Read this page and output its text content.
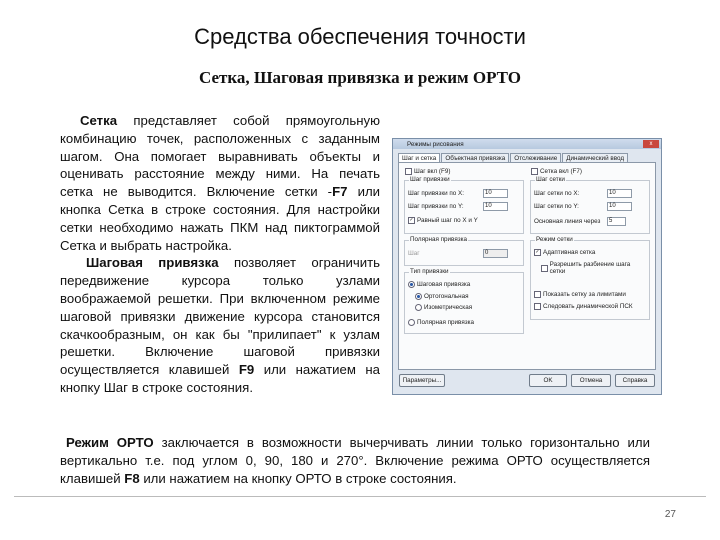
Средства обеспечения точности
Сетка, Шаговая привязка и режим ОРТО

Сетка представляет собой прямоугольную комбинацию точек, расположенных с заданным шагом. Она помогает выравнивать объекты и оценивать расстояние между ними. На печать сетка не выводится. Включение сетки -F7 или кнопка Сетка в строке состояния. Для настройки сетки необходимо нажать ПКМ над пиктограммой Сетка и выбрать настройка.

Шаговая привязка позволяет ограничить передвижение курсора только узлами воображаемой решетки. При включенном режиме шаговой привязки движение курсора становится скачкообразным, он как бы "прилипает" к узлам решетки. Включение шаговой привязки осуществляется клавишей F9 или нажатием на кнопку Шаг в строке состояния.

Режим ОРТО заключается в возможности вычерчивать линии только горизонтально или вертикально т.е. под углом 0, 90, 180 и 270°. Включение режима ОРТО осуществляется клавишей F8 или нажатием на кнопку ОРТО в строке состояния.
Режимы рисования	x
Шаг и сетка	Объектная привязка	Отслеживание	Динамический ввод
Шаг вкл (F9)	Сетка вкл (F7)
Шаг привязки
Шаг привязки по X:	10
Шаг привязки по Y:	10
✓ Равный шаг по X и Y
Шаг сетки
Шаг сетки по X:	10
Шаг сетки по Y:	10
Основная линия через	5
Полярная привязка
Шаг	0
Режим сетки
✓ Адаптивная сетка
Разрешить разбиение шага сетки
Показать сетку за лимитами
Следовать динамической ПСК
Тип привязки
Шаговая привязка
Ортогональная
Изометрическая
Полярная привязка
Параметры...	OK	Отмена	Справка
27
